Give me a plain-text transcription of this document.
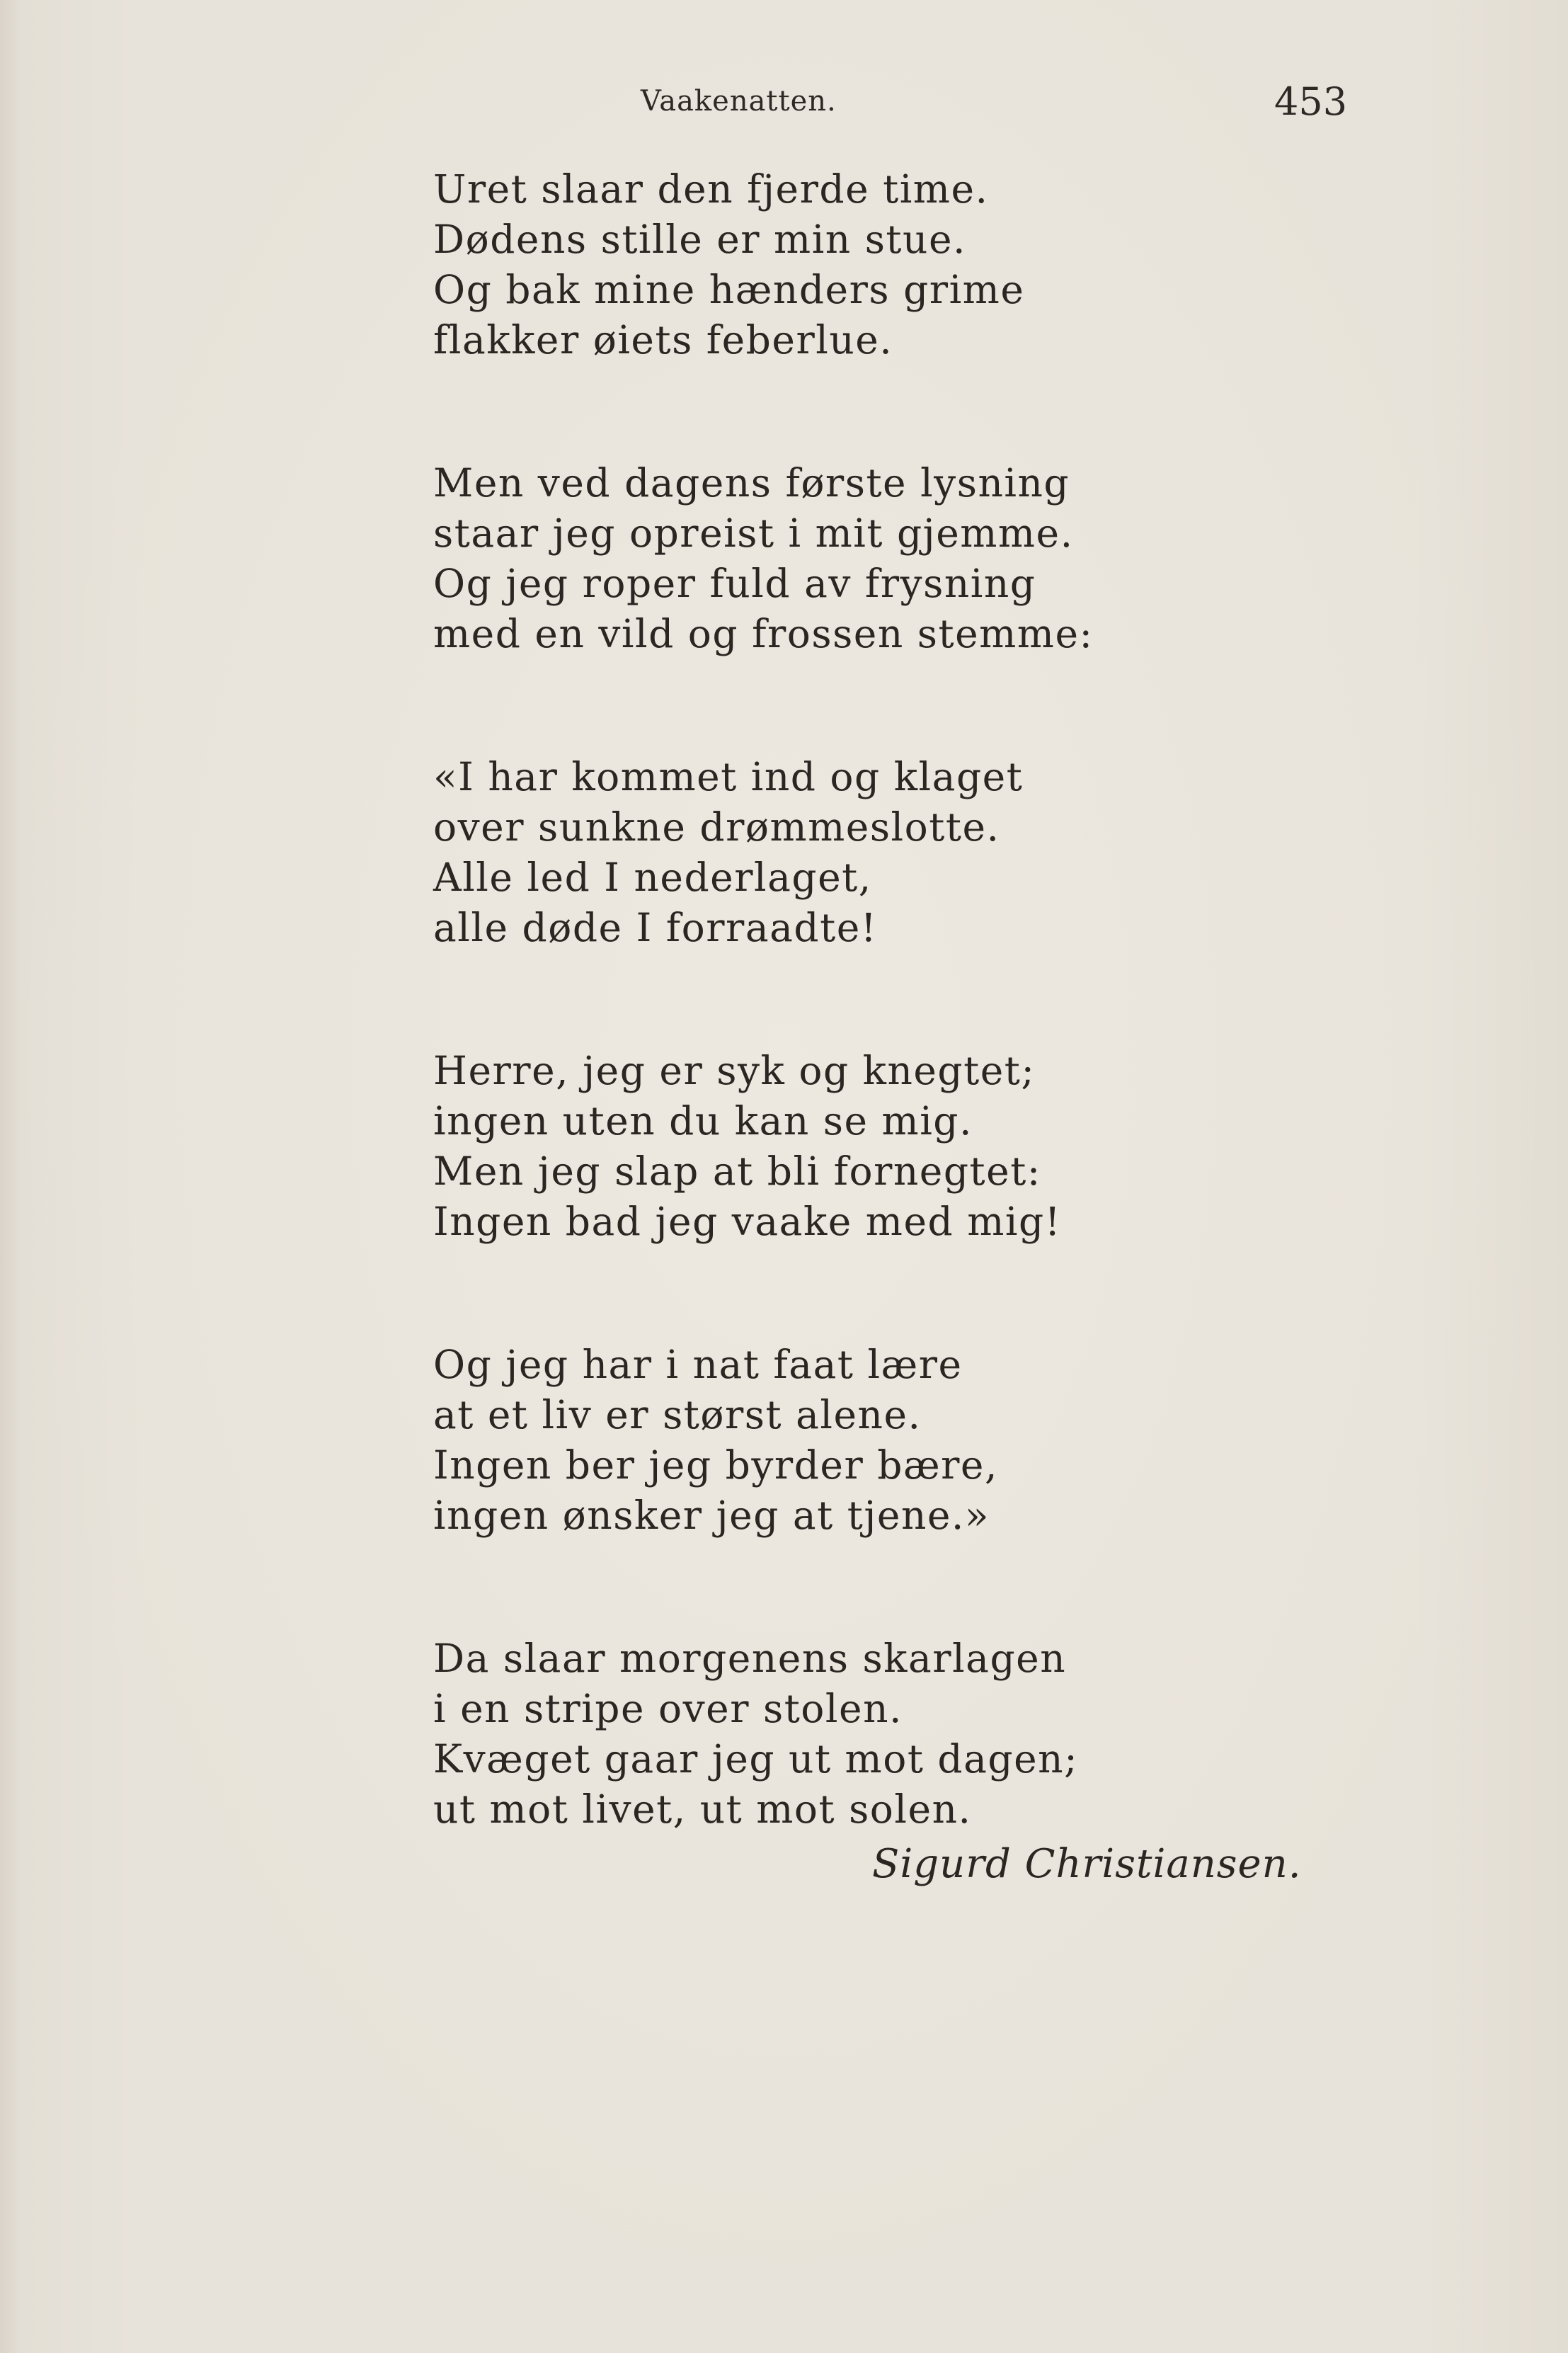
Vaakenatten.	453
Uret slaar den fjerde time.
Dødens stille er min stue.
Og bak mine hænders grime
flakker øiets feberlue.
Men ved dagens første lysning
staar jeg opreist i mit gjemme.
Og jeg roper fuld av frysning
med en vild og frossen stemme:
«I har kommet ind og klaget
over sunkne drømmeslotte.
Alle led I nederlaget,
alle døde I forraadte!
Herre, jeg er syk og knegtet;
ingen uten du kan se mig.
Men jeg slap at bli fornegtet:
Ingen bad jeg vaake med mig!
Og jeg har i nat faat lære
at et liv er størst alene.
Ingen ber jeg byrder bære,
ingen ønsker jeg at tjene.»
Da slaar morgenens skarlagen
i en stripe over stolen.
Kvæget gaar jeg ut mot dagen;
ut mot livet, ut mot solen.
Sigurd Christiansen.
